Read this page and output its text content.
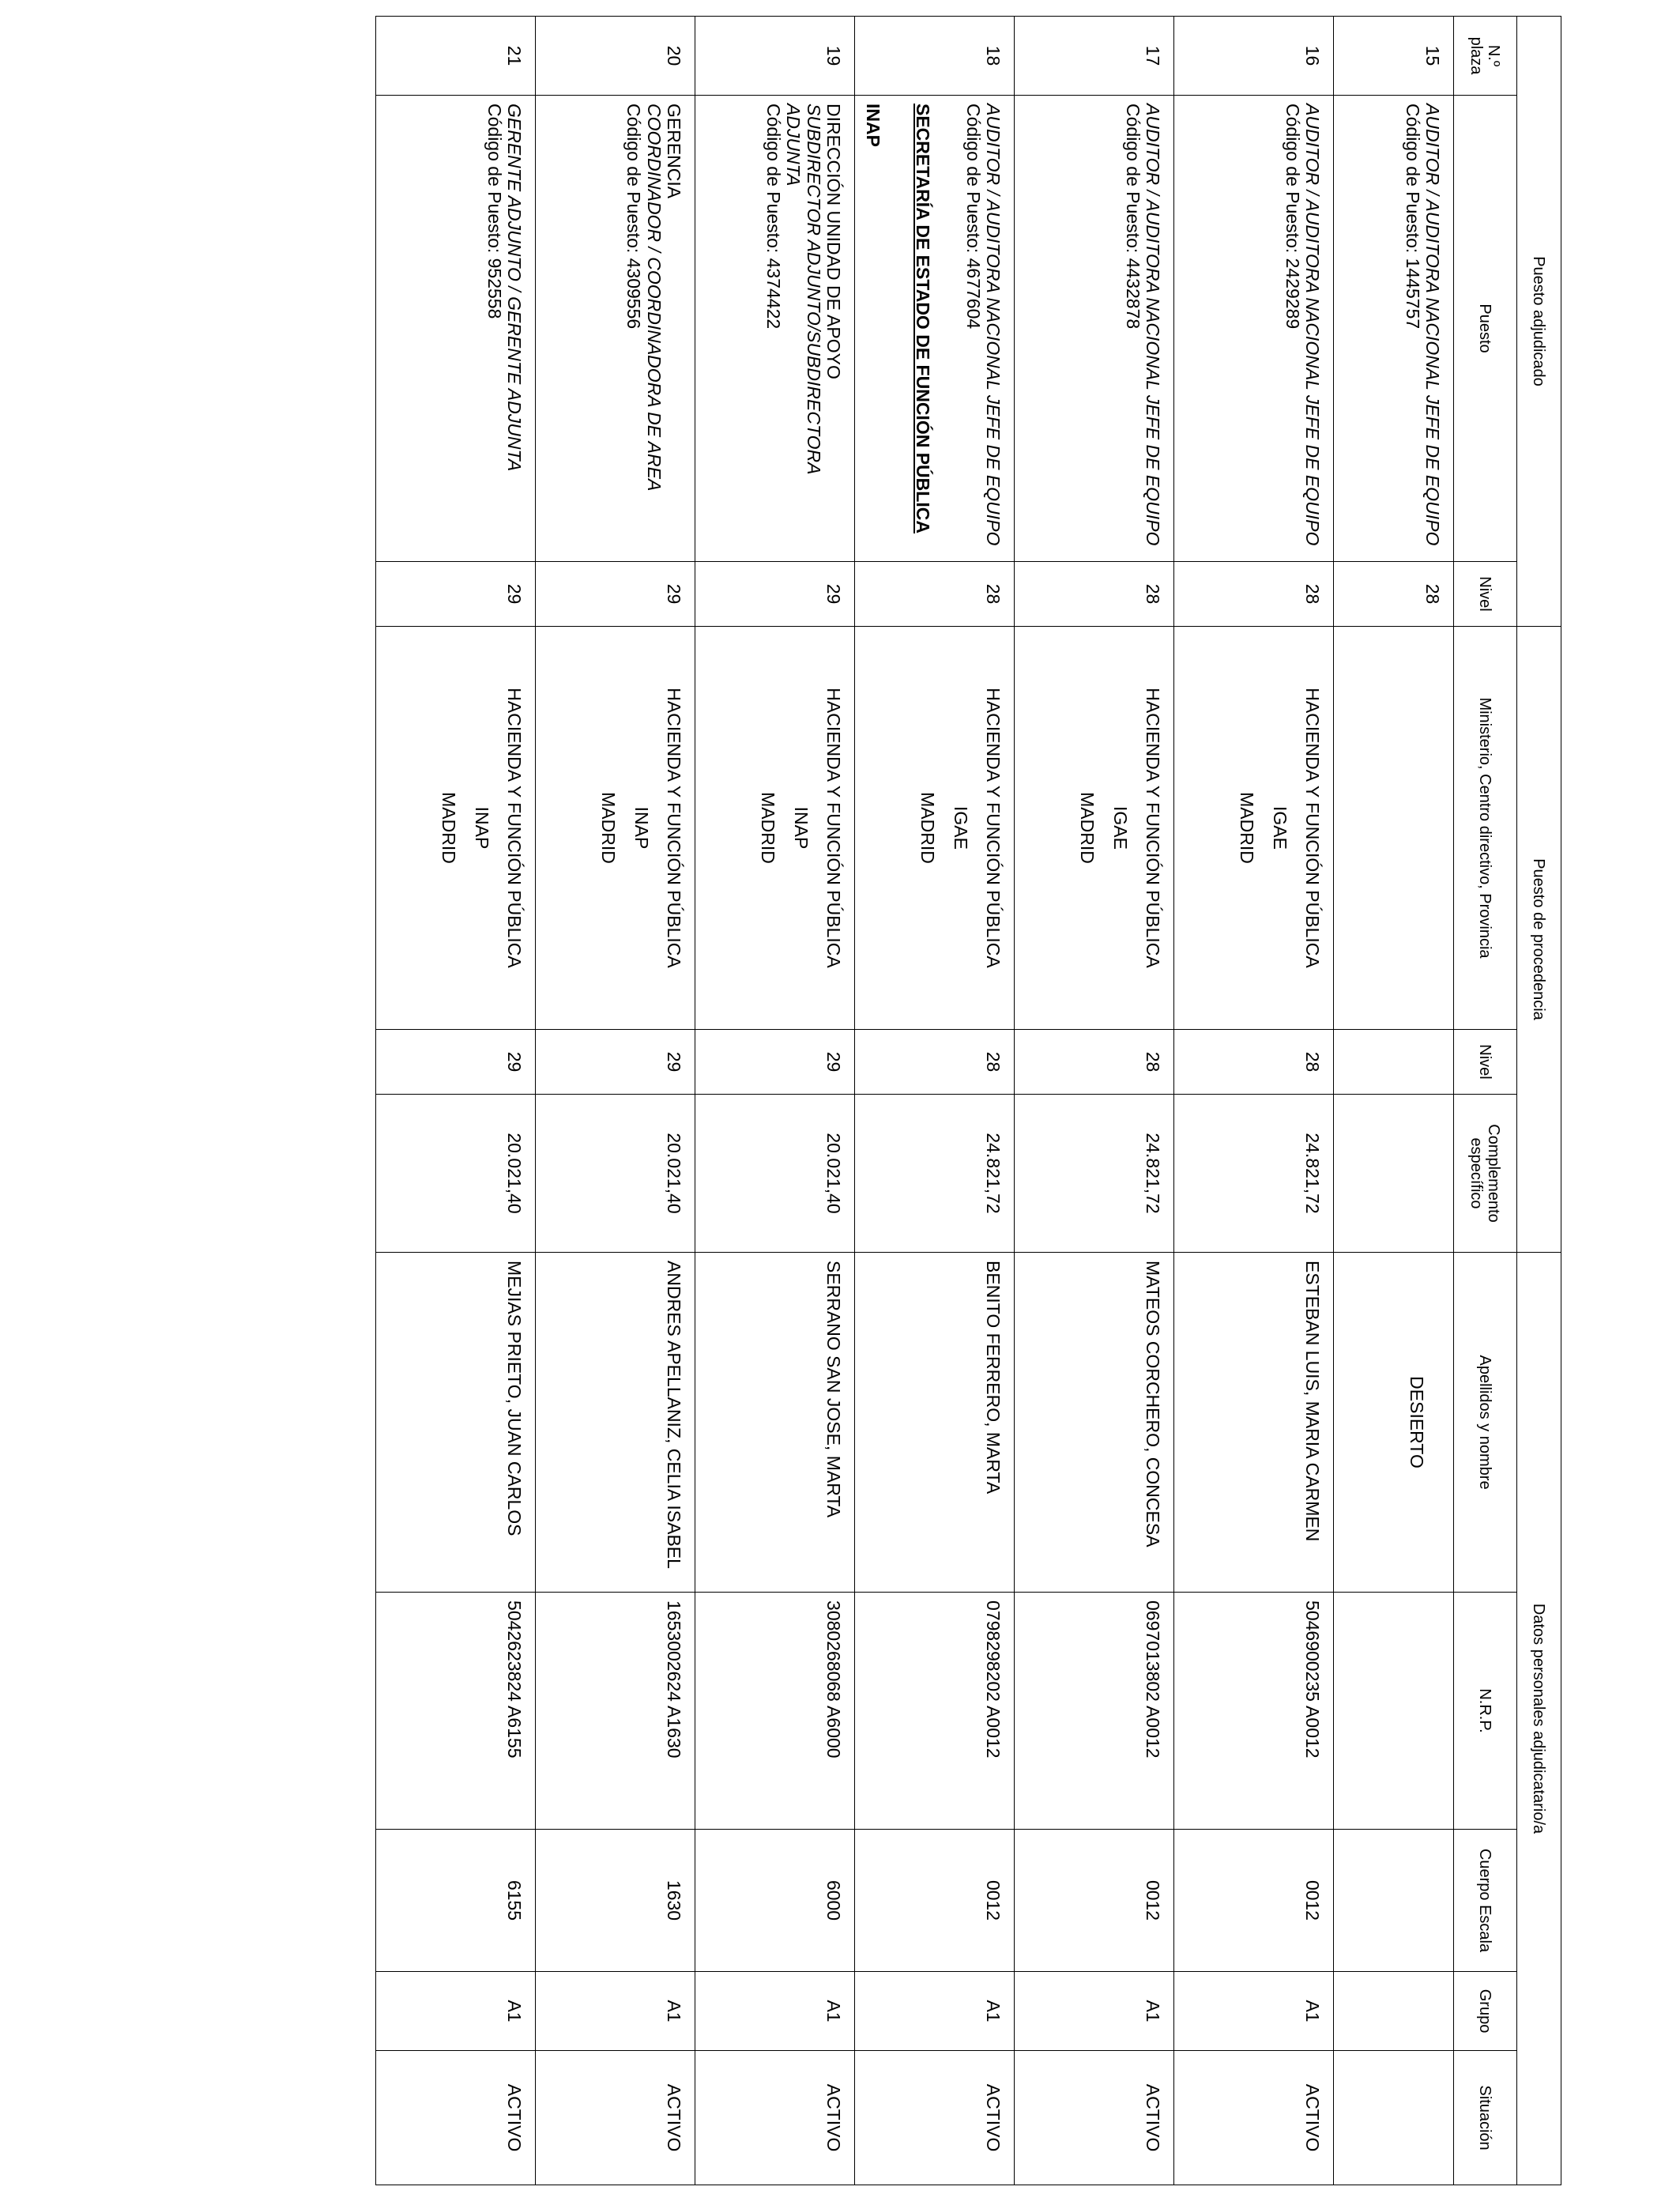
Puesto adjudicado			Puesto de procedencia			Datos personales adjudicatario/a				
N.º plaza	Puesto	Nivel	Ministerio, Centro directivo, Provincia	Nivel	Complemento específico	Apellidos y nombre	N.R.P.	Cuerpo Escala	Grupo	Situación
15	AUDITOR / AUDITORA NACIONAL JEFE DE EQUIPO
Código de Puesto: 1445757	28				DESIERTO				
16	AUDITOR / AUDITORA NACIONAL JEFE DE EQUIPO
Código de Puesto: 2429289	28	HACIENDA Y FUNCIÓN PÚBLICA
IGAE
MADRID	28	24.821,72	ESTEBAN LUIS, MARIA CARMEN	5046900235 A0012	0012	A1	ACTIVO
17	AUDITOR / AUDITORA NACIONAL JEFE DE EQUIPO
Código de Puesto: 4432878	28	HACIENDA Y FUNCIÓN PÚBLICA
IGAE
MADRID	28	24.821,72	MATEOS CORCHERO, CONCESA	0697013802 A0012	0012	A1	ACTIVO
18	AUDITOR / AUDITORA NACIONAL JEFE DE EQUIPO
Código de Puesto: 4677604
SECRETARÍA DE ESTADO DE FUNCIÓN PÚBLICA
INAP	28	HACIENDA Y FUNCIÓN PÚBLICA
IGAE
MADRID	28	24.821,72	BENITO FERRERO, MARTA	0798298202 A0012	0012	A1	ACTIVO
19	DIRECCIÓN UNIDAD DE APOYO
SUBDIRECTOR ADJUNTO/SUBDIRECTORA ADJUNTA
Código de Puesto: 4374422	29	HACIENDA Y FUNCIÓN PÚBLICA
INAP
MADRID	29	20.021,40	SERRANO SAN JOSE, MARTA	3080268068 A6000	6000	A1	ACTIVO
20	GERENCIA
COORDINADOR / COORDINADORA DE AREA
Código de Puesto: 4309556	29	HACIENDA Y FUNCIÓN PÚBLICA
INAP
MADRID	29	20.021,40	ANDRES APELLANIZ, CELIA ISABEL	1653002624 A1630	1630	A1	ACTIVO
21	GERENTE ADJUNTO / GERENTE ADJUNTA
Código de Puesto: 952558	29	HACIENDA Y FUNCIÓN PÚBLICA
INAP
MADRID	29	20.021,40	MEJIAS PRIETO, JUAN CARLOS	5042623824 A6155	6155	A1	ACTIVO
